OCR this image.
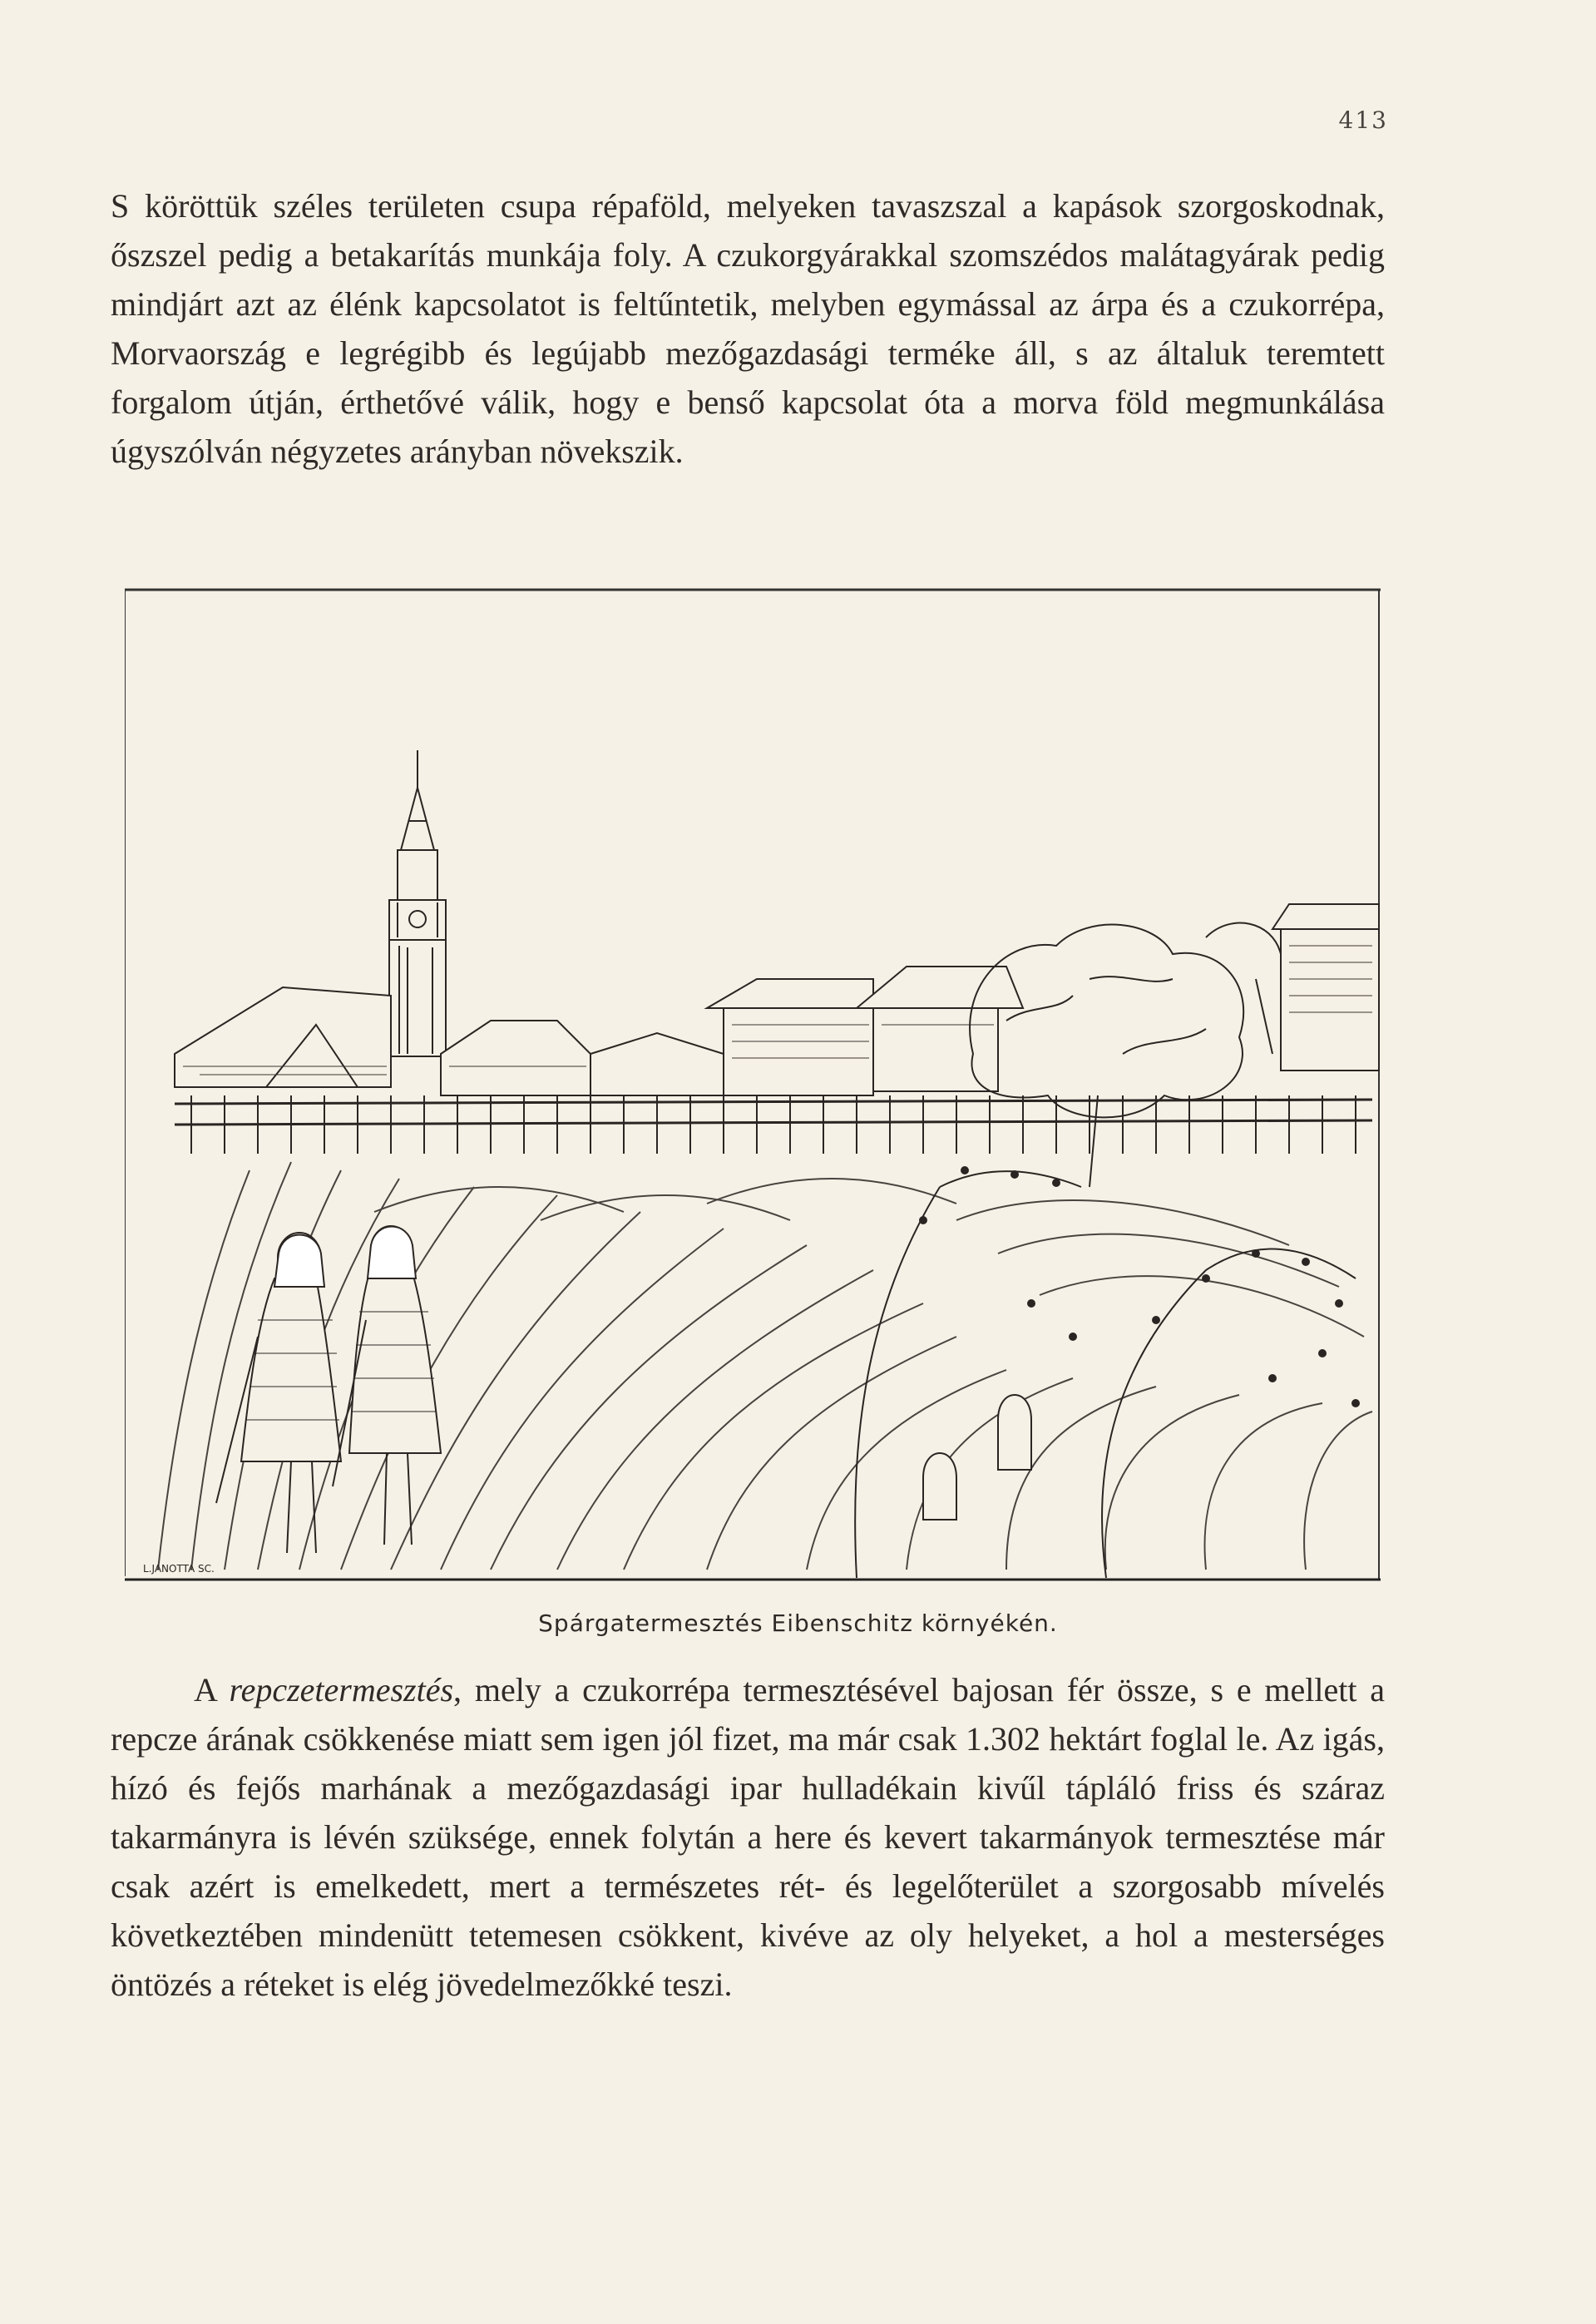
413

S köröttük széles területen csupa répaföld, melyeken tavaszszal a kapások szorgoskodnak, őszszel pedig a betakarítás munkája foly. A czukorgyárakkal szomszédos malátagyárak pedig mindjárt azt az élénk kapcsolatot is feltűntetik, melyben egymással az árpa és a czukorrépa, Morvaország e legrégibb és legújabb mezőgazdasági terméke áll, s az általuk teremtett forgalom útján, érthetővé válik, hogy e benső kapcsolat óta a morva föld megmunkálása úgyszólván négyzetes arányban növekszik.

L.JANOTTA SC.
Spárgatermesztés Eibenschitz környékén.

A repczetermesztés, mely a czukorrépa termesztésével bajosan fér össze, s e mellett a repcze árának csökkenése miatt sem igen jól fizet, ma már csak 1.302 hektárt foglal le. Az igás, hízó és fejős marhának a mezőgazdasági ipar hulladékain kivűl tápláló friss és száraz takarmányra is lévén szüksége, ennek folytán a here és kevert takarmányok termesztése már csak azért is emelkedett, mert a természetes rét- és legelőterület a szorgosabb mívelés következtében mindenütt tetemesen csökkent, kivéve az oly helyeket, a hol a mesterséges öntözés a réteket is elég jövedelmezőkké teszi.
